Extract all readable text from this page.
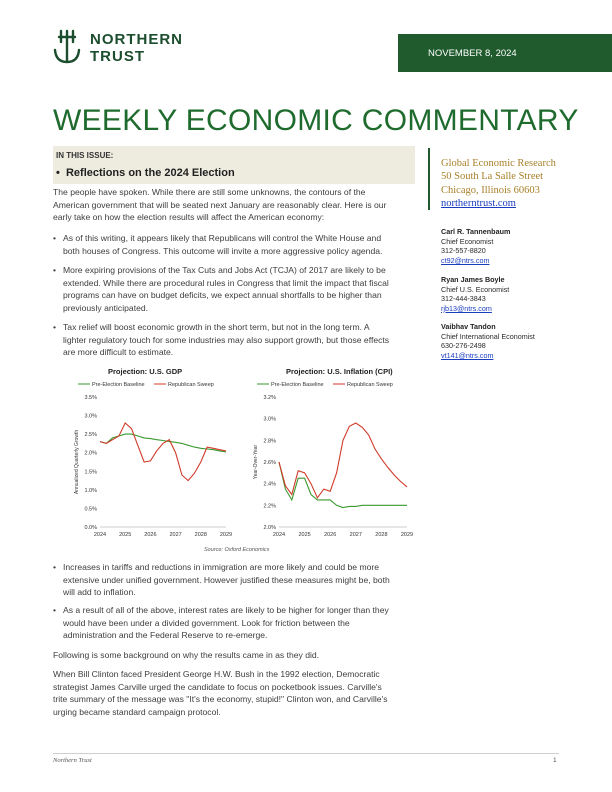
NORTHERN
TRUST	NOVEMBER 8, 2024
WEEKLY ECONOMIC COMMENTARY
IN THIS ISSUE:
•  Reflections on the 2024 Election
Global Economic Research
50 South La Salle Street
Chicago, Illinois 60603
northerntrust.com
Carl R. Tannenbaum
Chief Economist
312-557-8820
ct92@ntrs.com
Ryan James Boyle
Chief U.S. Economist
312-444-3843
rjb13@ntrs.com
Vaibhav Tandon
Chief International Economist
630-276-2498
vt141@ntrs.com
The people have spoken. While there are still some unknowns, the contours of the
American government that will be seated next January are reasonably clear. Here is our
early take on how the election results will affect the American economy:
• As of this writing, it appears likely that Republicans will control the White House and
both houses of Congress. This outcome will invite a more aggressive policy agenda.
• More expiring provisions of the Tax Cuts and Jobs Act (TCJA) of 2017 are likely to be
extended. While there are procedural rules in Congress that limit the impact that fiscal
programs can have on budget deficits, we expect annual shortfalls to be higher than
previously anticipated.
• Tax relief will boost economic growth in the short term, but not in the long term. A
lighter regulatory touch for some industries may also support growth, but those effects
are more difficult to estimate.
Projection: U.S. GDP	Projection: U.S. Inflation (CPI)
Pre-Election Baseline	Republican Sweep
0.0%
0.5%
1.0%
1.5%
2.0%
2.5%
3.0%
3.5%
2024 2025 2026 2027 2028 2029
Annualized Quarterly Growth
Pre-Election Baseline	Republican Sweep
2.0%
2.2%
2.4%
2.6%
2.8%
3.0%
3.2%
2024 2025 2026 2027 2028 2029
Year-Over-Year
Source: Oxford Economics
• Increases in tariffs and reductions in immigration are more likely and could be more
extensive under unified government. However justified these measures might be, both
will add to inflation.
• As a result of all of the above, interest rates are likely to be higher for longer than they
would have been under a divided government. Look for friction between the
administration and the Federal Reserve to re-emerge.
Following is some background on why the results came in as they did.
When Bill Clinton faced President George H.W. Bush in the 1992 election, Democratic
strategist James Carville urged the candidate to focus on pocketbook issues. Carville's
trite summary of the message was "It's the economy, stupid!" Clinton won, and Carville's
urging became standard campaign protocol.
Northern Trust	1
